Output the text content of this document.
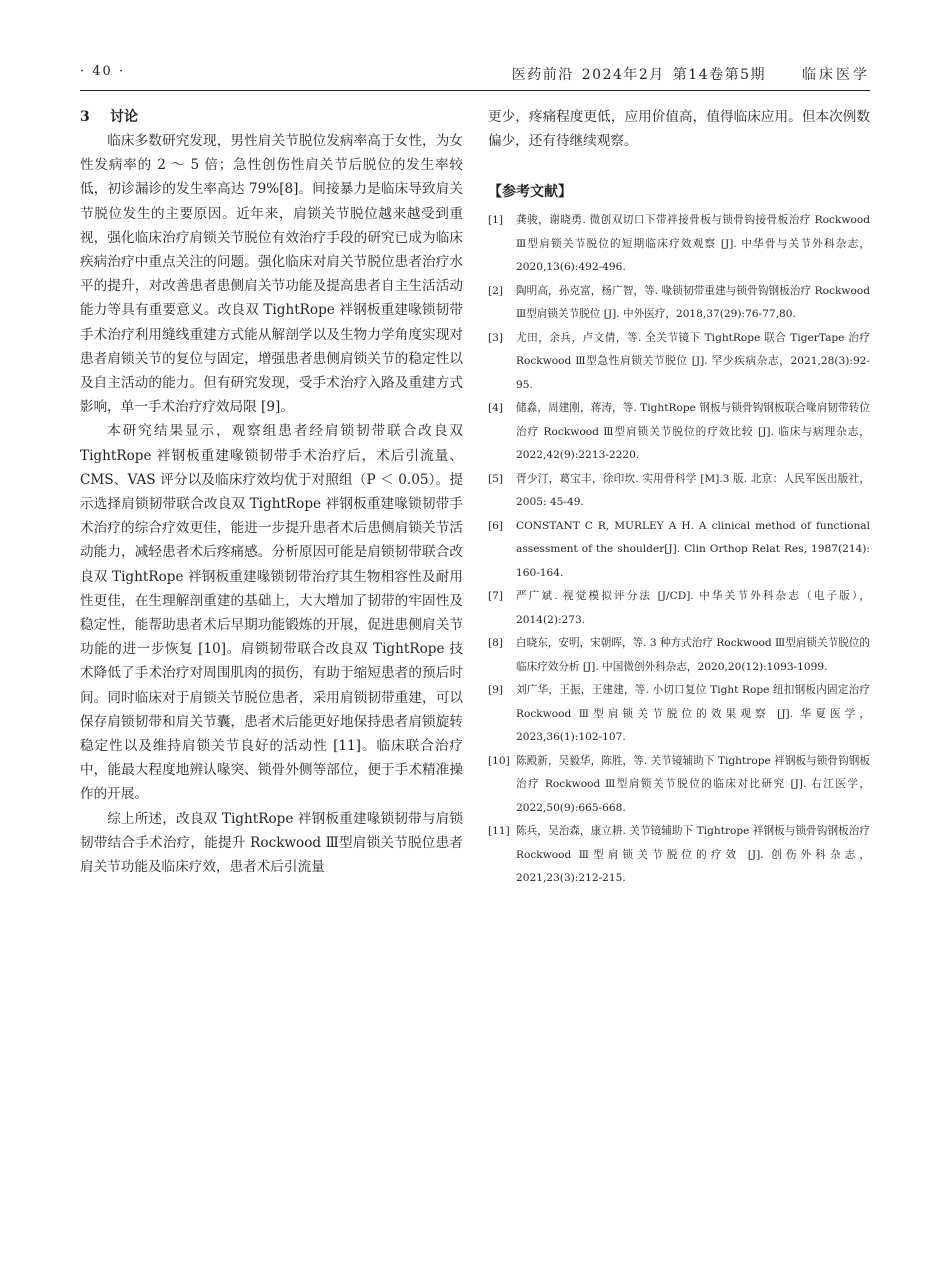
· 40 ·	医药前沿 2024年2月 第14卷第5期	临床医学
3 讨论

临床多数研究发现，男性肩关节脱位发病率高于女性，为女性发病率的 2 ～ 5 倍；急性创伤性肩关节后脱位的发生率较低，初诊漏诊的发生率高达 79%[8]。间接暴力是临床导致肩关节脱位发生的主要原因。近年来，肩锁关节脱位越来越受到重视，强化临床治疗肩锁关节脱位有效治疗手段的研究已成为临床疾病治疗中重点关注的问题。强化临床对肩关节脱位患者治疗水平的提升，对改善患者患侧肩关节功能及提高患者自主生活活动能力等具有重要意义。改良双 TightRope 袢钢板重建喙锁韧带手术治疗利用缝线重建方式能从解剖学以及生物力学角度实现对患者肩锁关节的复位与固定，增强患者患侧肩锁关节的稳定性以及自主活动的能力。但有研究发现，受手术治疗入路及重建方式影响，单一手术治疗疗效局限 [9]。

本研究结果显示，观察组患者经肩锁韧带联合改良双 TightRope 袢钢板重建喙锁韧带手术治疗后，术后引流量、CMS、VAS 评分以及临床疗效均优于对照组（P ＜ 0.05）。提示选择肩锁韧带联合改良双 TightRope 袢钢板重建喙锁韧带手术治疗的综合疗效更佳，能进一步提升患者术后患侧肩锁关节活动能力，减轻患者术后疼痛感。分析原因可能是肩锁韧带联合改良双 TightRope 袢钢板重建喙锁韧带治疗其生物相容性及耐用性更佳，在生理解剖重建的基础上，大大增加了韧带的牢固性及稳定性，能帮助患者术后早期功能锻炼的开展，促进患侧肩关节功能的进一步恢复 [10]。肩锁韧带联合改良双 TightRope 技术降低了手术治疗对周围肌肉的损伤，有助于缩短患者的预后时间。同时临床对于肩锁关节脱位患者，采用肩锁韧带重建，可以保存肩锁韧带和肩关节囊，患者术后能更好地保持患者肩锁旋转稳定性以及维持肩锁关节良好的活动性 [11]。临床联合治疗中，能最大程度地辨认喙突、锁骨外侧等部位，便于手术精准操作的开展。

综上所述，改良双 TightRope 袢钢板重建喙锁韧带与肩锁韧带结合手术治疗，能提升 Rockwood Ⅲ型肩锁关节脱位患者肩关节功能及临床疗效，患者术后引流量

更少，疼痛程度更低，应用价值高，值得临床应用。但本次例数偏少，还有待继续观察。

【参考文献】
[1]	龚骏，谢晓勇. 微创双切口下带袢接骨板与锁骨钩接骨板治疗 Rockwood Ⅲ型肩锁关节脱位的短期临床疗效观察 [J]. 中华骨与关节外科杂志，2020,13(6):492-496.
[2]	陶明高，孙克富，杨广智，等. 喙锁韧带重建与锁骨钩钢板治疗 Rockwood Ⅲ型肩锁关节脱位 [J]. 中外医疗，2018,37(29):76-77,80.
[3]	尤田，余兵，卢文倩，等. 全关节镜下 TightRope 联合 TigerTape 治疗 Rockwood Ⅲ型急性肩锁关节脱位 [J]. 罕少疾病杂志，2021,28(3):92-95.
[4]	储淼，周建刚，蒋涛，等. TightRope 钢板与锁骨钩钢板联合喙肩韧带转位治疗 Rockwood Ⅲ型肩锁关节脱位的疗效比较 [J]. 临床与病理杂志，2022,42(9):2213-2220.
[5]	胥少汀，葛宝丰，徐印坎. 实用骨科学 [M].3 版. 北京：人民军医出版社，2005: 45-49.
[6]	CONSTANT C R, MURLEY A H. A clinical method of functional assessment of the shoulder[J]. Clin Orthop Relat Res, 1987(214): 160-164.
[7]	严广斌. 视觉模拟评分法 [J/CD]. 中华关节外科杂志（电子版），2014(2):273.
[8]	白晓东，安明，宋朝晖，等. 3 种方式治疗 Rockwood Ⅲ型肩锁关节脱位的临床疗效分析 [J]. 中国微创外科杂志，2020,20(12):1093-1099.
[9]	刘广华，王振，王建建，等. 小切口复位 Tight Rope 纽扣钢板内固定治疗 Rockwood Ⅲ型肩锁关节脱位的效果观察 [J]. 华夏医学，2023,36(1):102-107.
[10] 陈殿新，吴毅华，陈胜，等. 关节镜辅助下 Tightrope 袢钢板与锁骨钩钢板治疗 Rockwood Ⅲ型肩锁关节脱位的临床对比研究 [J]. 右江医学，2022,50(9):665-668.
[11] 陈兵，吴治森，康立耕. 关节镜辅助下 Tightrope 袢钢板与锁骨钩钢板治疗 Rockwood Ⅲ型肩锁关节脱位的疗效 [J]. 创伤外科杂志，2021,23(3):212-215.
